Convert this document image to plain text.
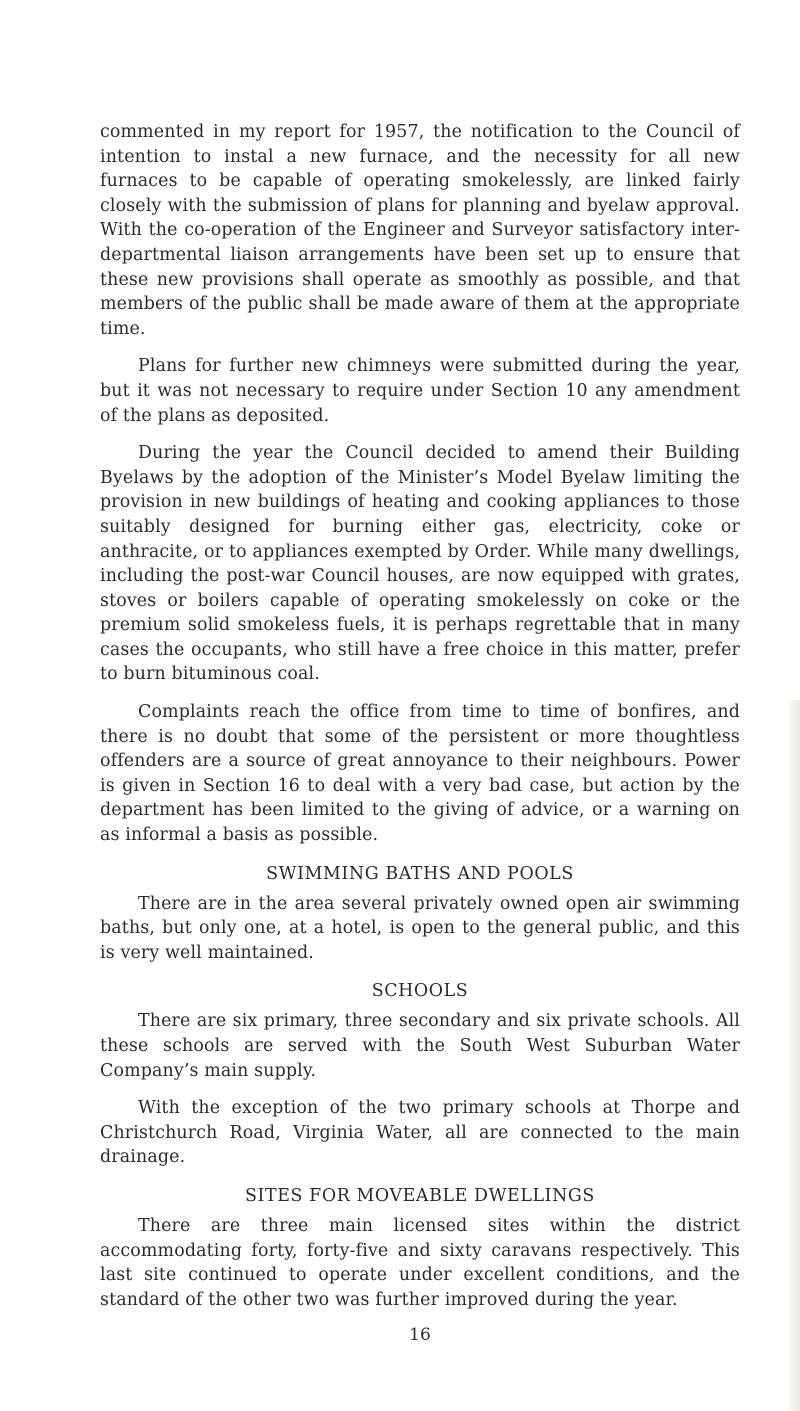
commented in my report for 1957, the notification to the Council of intention to instal a new furnace, and the necessity for all new furnaces to be capable of operating smokelessly, are linked fairly closely with the submission of plans for planning and byelaw approval. With the co-operation of the Engineer and Surveyor satisfactory inter-departmental liaison arrangements have been set up to ensure that these new provisions shall operate as smoothly as possible, and that members of the public shall be made aware of them at the appropriate time.

Plans for further new chimneys were submitted during the year, but it was not necessary to require under Section 10 any amendment of the plans as deposited.

During the year the Council decided to amend their Building Byelaws by the adoption of the Minister’s Model Byelaw limiting the provision in new buildings of heating and cooking appliances to those suitably designed for burning either gas, electricity, coke or anthracite, or to appliances exempted by Order. While many dwellings, including the post-war Council houses, are now equipped with grates, stoves or boilers capable of operating smokelessly on coke or the premium solid smokeless fuels, it is perhaps regrettable that in many cases the occupants, who still have a free choice in this matter, prefer to burn bituminous coal.

Complaints reach the office from time to time of bonfires, and there is no doubt that some of the persistent or more thoughtless offenders are a source of great annoyance to their neighbours. Power is given in Section 16 to deal with a very bad case, but action by the department has been limited to the giving of advice, or a warning on as informal a basis as possible.

SWIMMING BATHS AND POOLS

There are in the area several privately owned open air swimming baths, but only one, at a hotel, is open to the general public, and this is very well maintained.

SCHOOLS

There are six primary, three secondary and six private schools. All these schools are served with the South West Suburban Water Company’s main supply.

With the exception of the two primary schools at Thorpe and Christchurch Road, Virginia Water, all are connected to the main drainage.

SITES FOR MOVEABLE DWELLINGS

There are three main licensed sites within the district accommodating forty, forty-five and sixty caravans respectively. This last site continued to operate under excellent conditions, and the standard of the other two was further improved during the year.

16
